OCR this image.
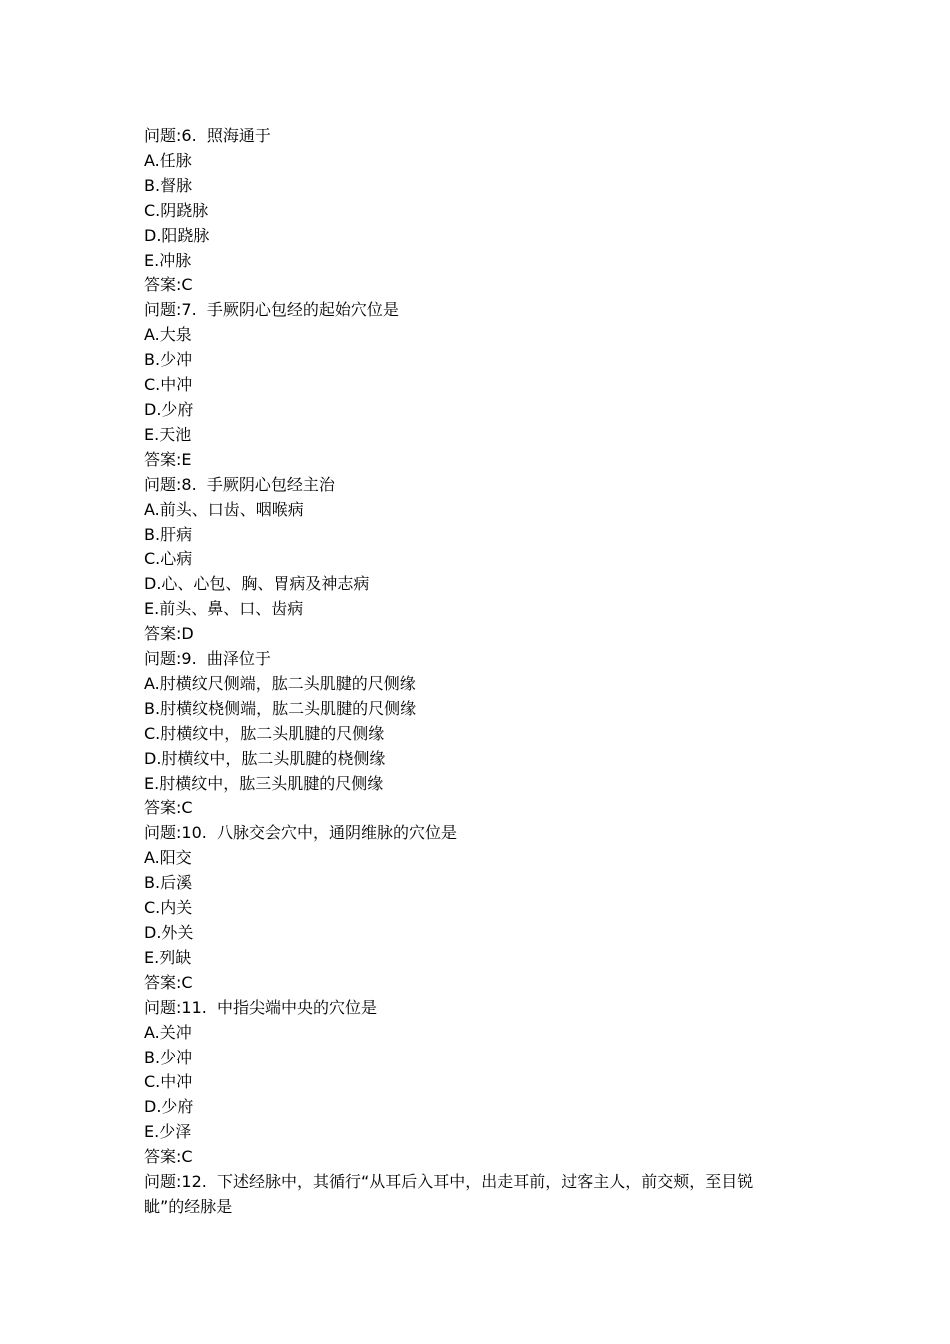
问题:6.  照海通于
A.任脉
B.督脉
C.阴跷脉
D.阳跷脉
E.冲脉
答案:C
问题:7.  手厥阴心包经的起始穴位是
A.大泉
B.少冲
C.中冲
D.少府
E.天池
答案:E
问题:8.  手厥阴心包经主治
A.前头、口齿、咽喉病
B.肝病
C.心病
D.心、心包、胸、胃病及神志病
E.前头、鼻、口、齿病
答案:D
问题:9.  曲泽位于
A.肘横纹尺侧端，肱二头肌腱的尺侧缘
B.肘横纹桡侧端，肱二头肌腱的尺侧缘
C.肘横纹中，肱二头肌腱的尺侧缘
D.肘横纹中，肱二头肌腱的桡侧缘
E.肘横纹中，肱三头肌腱的尺侧缘
答案:C
问题:10.  八脉交会穴中，通阴维脉的穴位是
A.阳交
B.后溪
C.内关
D.外关
E.列缺
答案:C
问题:11.  中指尖端中央的穴位是
A.关冲
B.少冲
C.中冲
D.少府
E.少泽
答案:C
问题:12.  下述经脉中，其循行“从耳后入耳中，出走耳前，过客主人，前交颊，至目锐
眦”的经脉是
